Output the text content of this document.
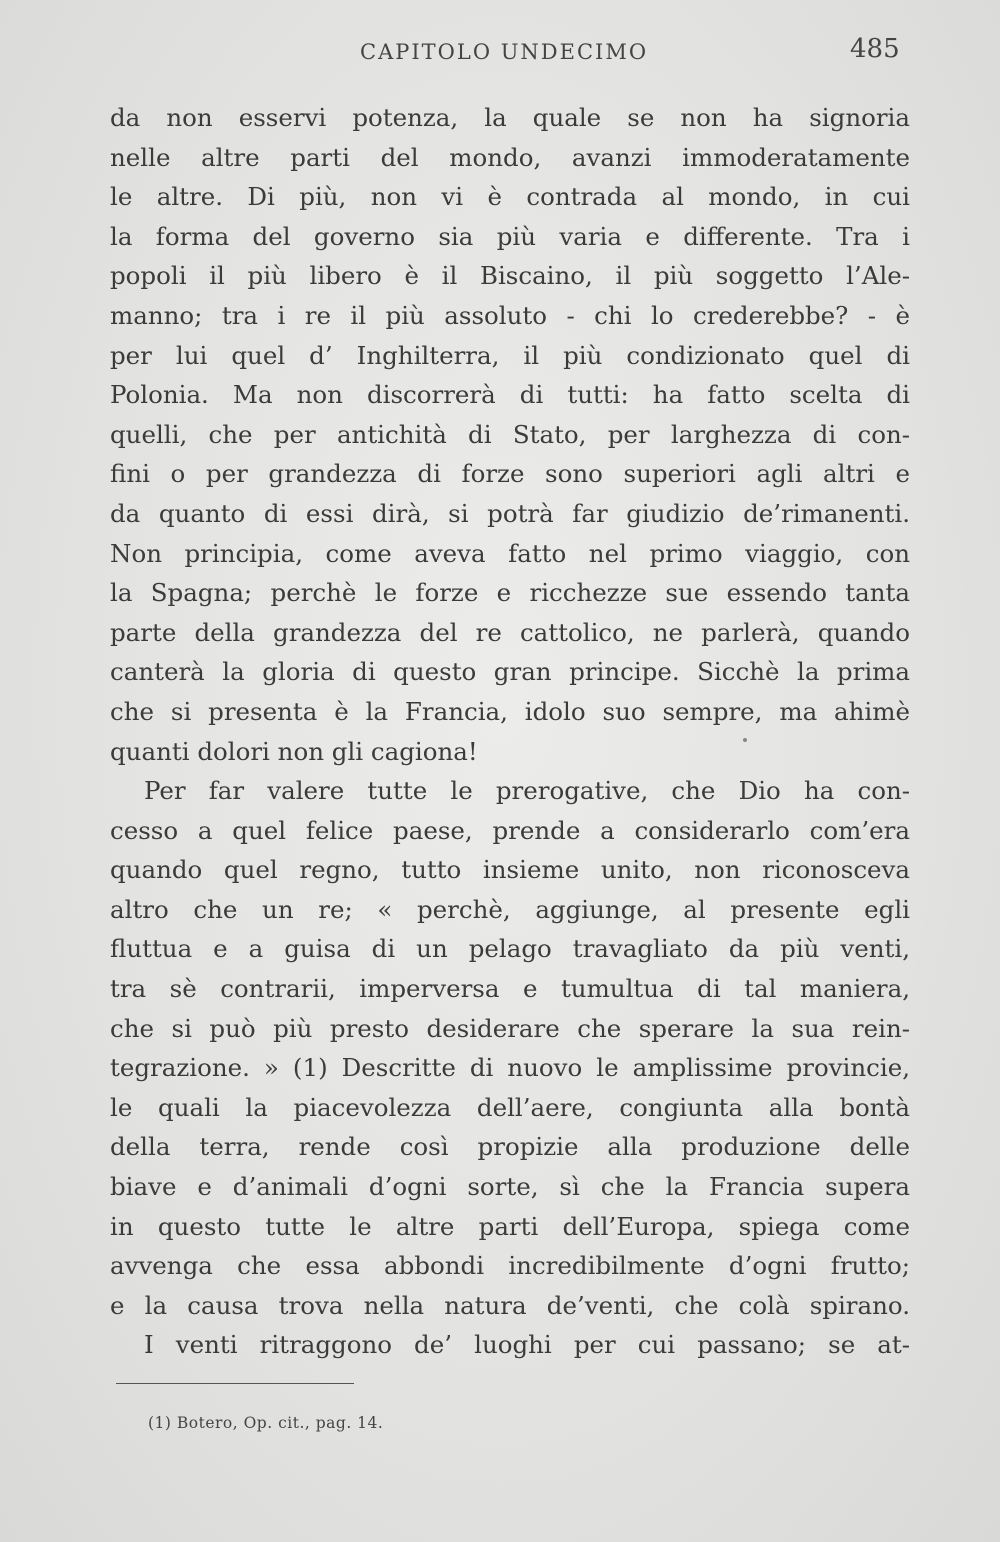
CAPITOLO UNDECIMO	485
da non esservi potenza, la quale se non ha signoria
nelle altre parti del mondo, avanzi immoderatamente
le altre. Di più, non vi è contrada al mondo, in cui
la forma del governo sia più varia e differente. Tra i
popoli il più libero è il Biscaino, il più soggetto l’Ale-
manno; tra i re il più assoluto - chi lo crederebbe? - è
per lui quel d’ Inghilterra, il più condizionato quel di
Polonia. Ma non discorrerà di tutti: ha fatto scelta di
quelli, che per antichità di Stato, per larghezza di con-
fini o per grandezza di forze sono superiori agli altri e
da quanto di essi dirà, si potrà far giudizio de’rimanenti.
Non principia, come aveva fatto nel primo viaggio, con
la Spagna; perchè le forze e ricchezze sue essendo tanta
parte della grandezza del re cattolico, ne parlerà, quando
canterà la gloria di questo gran principe. Sicchè la prima
che si presenta è la Francia, idolo suo sempre, ma ahimè
quanti dolori non gli cagiona!
Per far valere tutte le prerogative, che Dio ha con-
cesso a quel felice paese, prende a considerarlo com’era
quando quel regno, tutto insieme unito, non riconosceva
altro che un re; « perchè, aggiunge, al presente egli
fluttua e a guisa di un pelago travagliato da più venti,
tra sè contrarii, imperversa e tumultua di tal maniera,
che si può più presto desiderare che sperare la sua rein-
tegrazione. » (1) Descritte di nuovo le amplissime provincie,
le quali la piacevolezza dell’aere, congiunta alla bontà
della terra, rende così propizie alla produzione delle
biave e d’animali d’ogni sorte, sì che la Francia supera
in questo tutte le altre parti dell’Europa, spiega come
avvenga che essa abbondi incredibilmente d’ogni frutto;
e la causa trova nella natura de’venti, che colà spirano.
I venti ritraggono de’ luoghi per cui passano; se at-
(1) Botero, Op. cit., pag. 14.
